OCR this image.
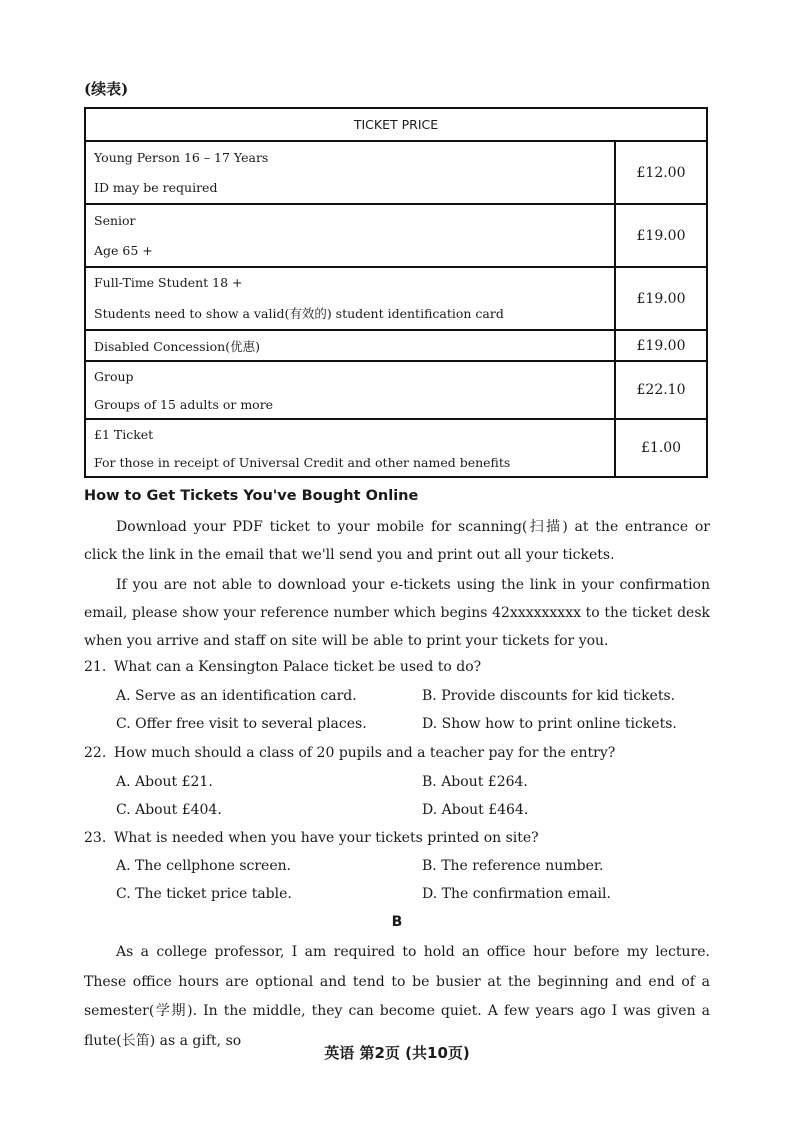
(续表)
TICKET PRICE
Young Person 16 – 17 Years
ID may be required
£12.00
Senior
Age 65 +
£19.00
Full-Time Student 18 +
Students need to show a valid(有效的) student identification card
£19.00
Disabled Concession(优惠)	£19.00
Group
Groups of 15 adults or more
£22.10
£1 Ticket
For those in receipt of Universal Credit and other named benefits
£1.00
How to Get Tickets You've Bought Online

Download your PDF ticket to your mobile for scanning(扫描) at the entrance or click the link in the email that we'll send you and print out all your tickets.

If you are not able to download your e-tickets using the link in your confirmation email, please show your reference number which begins 42xxxxxxxxx to the ticket desk when you arrive and staff on site will be able to print your tickets for you.

21. What can a Kensington Palace ticket be used to do?
A. Serve as an identification card.	B. Provide discounts for kid tickets.
C. Offer free visit to several places.	D. Show how to print online tickets.
22. How much should a class of 20 pupils and a teacher pay for the entry?
A. About £21.	B. About £264.
C. About £404.	D. About £464.
23. What is needed when you have your tickets printed on site?
A. The cellphone screen.	B. The reference number.
C. The ticket price table.	D. The confirmation email.
B

As a college professor, I am required to hold an office hour before my lecture. These office hours are optional and tend to be busier at the beginning and end of a semester(学期). In the middle, they can become quiet. A few years ago I was given a flute(长笛) as a gift, so

英语 第2页 (共10页)
